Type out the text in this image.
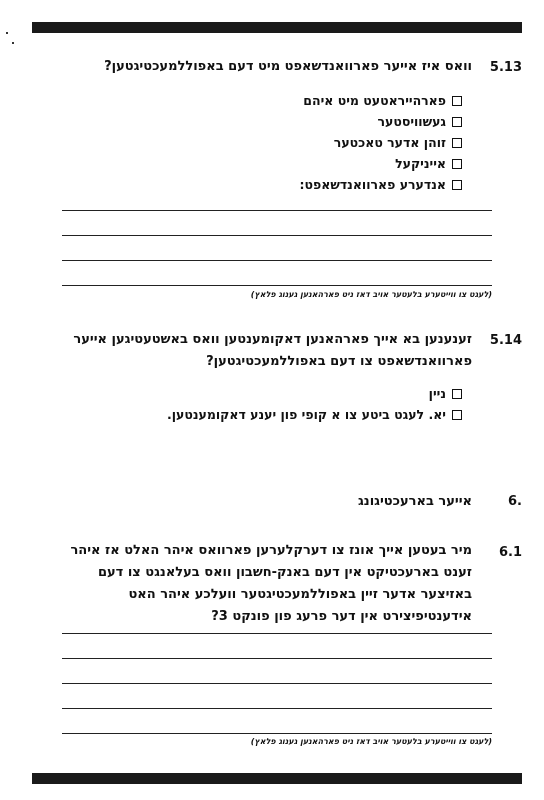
5.13
וואס איז אייער פארוואנדשאפט מיט דעם באפוללמעכטיגטען?
פארהייראטעט מיט איהם
געשוויסטער
זוהן אדער טאכטער
אייניקעל
אנדערע פארוואנדשאפט:
(לעגט צו ווייטערע בלעטער אויב דאז ניט פארהאנען גענוג פלאץ)
5.14
זענענען בא אייך פארהאנען דאקומענטען וואס באשטעטיגען אייער פארוואנדשאפט צו דעם באפוללמעכטיגטען?
ניין
יא. לעגט ביטע צו א קופי פון יענע דאקומענטען.
6.
אייער בארעכטיגונג
6.1
מיר בעטען אייך אונז צו דערקלערען פארוואס איהר האלט אז איהר זענט בארעכטיקט אין דעם באנק-חשבון וואס בעלאנגט צו דעם באזיצער אדער זיין באפוללמעכטיגטער וועלכע איהר האט אידענטיפיצירט אין דער פרעג פון פונקט 3?
(לעגט צו ווייטערע בלעטער אויב דאז ניט פארהאנען גענוג פלאץ)
